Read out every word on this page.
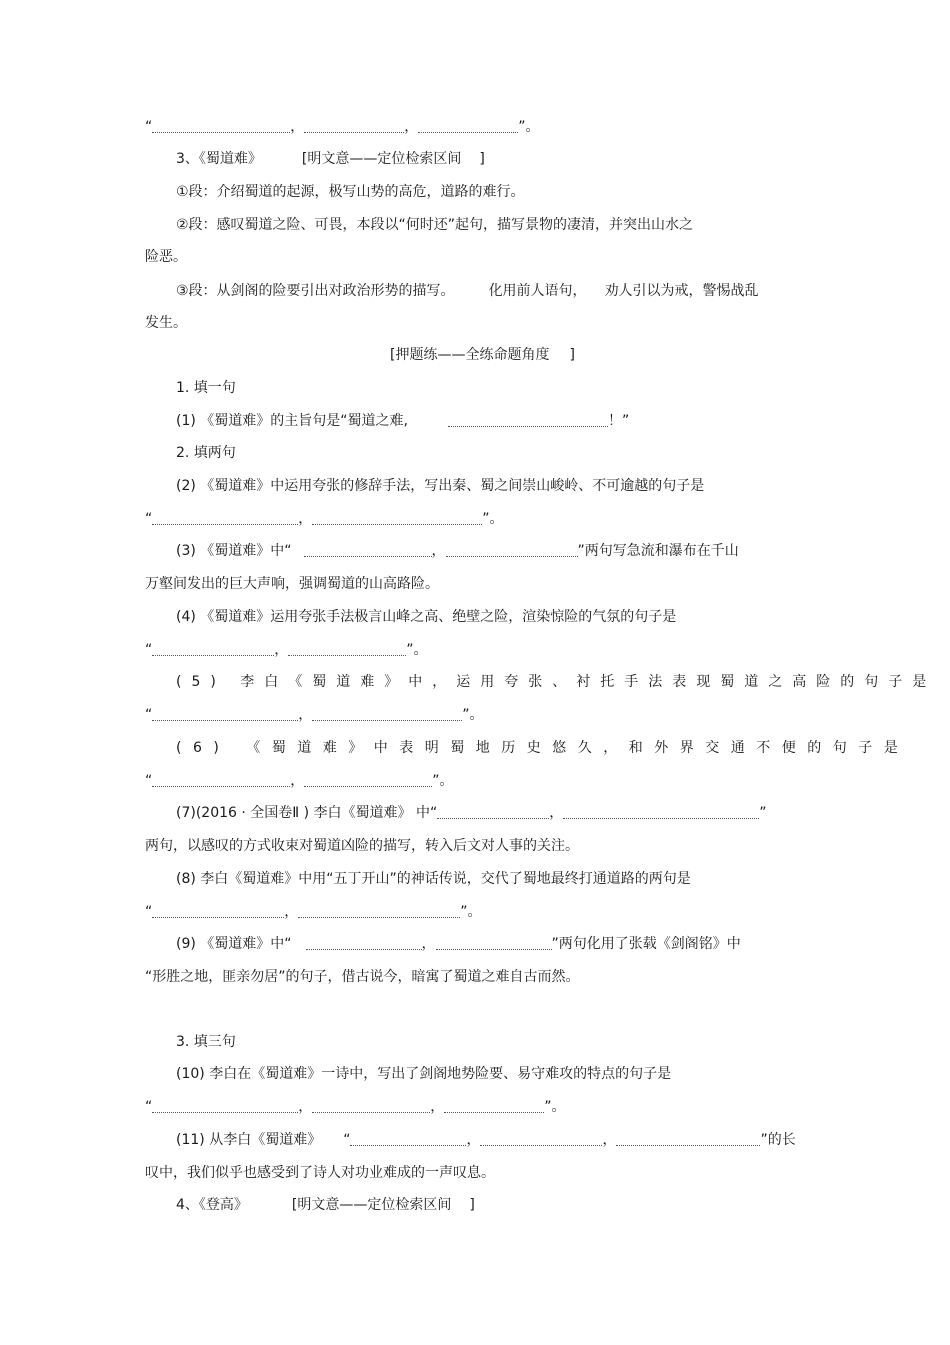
“	，	，	”。
3、《蜀道难》	[明文意——定位检索区间 ]
①段：介绍蜀道的起源，极写山势的高危，道路的难行。
②段：感叹蜀道之险、可畏，本段以“何时还”起句，描写景物的凄清，并突出山水之
险恶。
③段：从剑阁的险要引出对政治形势的描写。 化用前人语句， 劝人引以为戒，警惕战乱
发生。
[押题练——全练命题角度 ]
1. 填一句
(1) 《蜀道难》的主旨句是“蜀道之难,	！”
2. 填两句
(2) 《蜀道难》中运用夸张的修辞手法，写出秦、蜀之间崇山峻岭、不可逾越的句子是
“	，	”。
(3) 《蜀道难》中“	，	”两句写急流和瀑布在千山
万壑间发出的巨大声响，强调蜀道的山高路险。
(4) 《蜀道难》运用夸张手法极言山峰之高、绝壁之险，渲染惊险的气氛的句子是
“	，	”。
(5) 李白《蜀道难》中，运用夸张、衬托手法表现蜀道之高险的句子是
“	，	”。
(6) 《蜀道难》中表明蜀地历史悠久，和外界交通不便的句子是
“	，	”。
(7)(2016 · 全国卷Ⅱ ) 李白《蜀道难》 中“	，	”
两句，以感叹的方式收束对蜀道凶险的描写，转入后文对人事的关注。
(8) 李白《蜀道难》中用“五丁开山”的神话传说，交代了蜀地最终打通道路的两句是
“	，	”。
(9) 《蜀道难》中“	，	”两句化用了张载《剑阁铭》中
“形胜之地，匪亲勿居”的句子，借古说今，暗寓了蜀道之难自古而然。
3. 填三句
(10) 李白在《蜀道难》一诗中，写出了剑阁地势险要、易守难攻的特点的句子是
“	，	，	”。
(11) 从李白《蜀道难》 “	，	，	”的长
叹中，我们似乎也感受到了诗人对功业难成的一声叹息。
4、《登高》	[明文意——定位检索区间 ]
